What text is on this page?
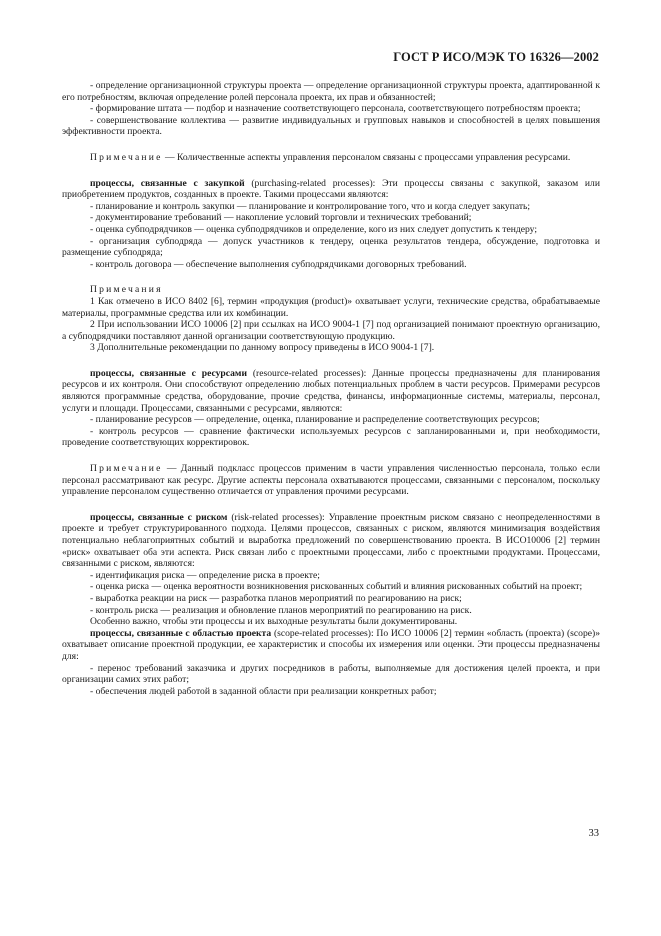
ГОСТ Р ИСО/МЭК ТО 16326—2002

- определение организационной структуры проекта — определение организационной структуры проекта, адаптированной к его потребностям, включая определение ролей персонала проекта, их прав и обязанностей;

- формирование штата — подбор и назначение соответствующего персонала, соответствующего потребностям проекта;

- совершенствование коллектива — развитие индивидуальных и групповых навыков и способностей в целях повышения эффективности проекта.

Примечание — Количественные аспекты управления персоналом связаны с процессами управления ресурсами.

процессы, связанные с закупкой (purchasing-related processes): Эти процессы связаны с закупкой, заказом или приобретением продуктов, созданных в проекте. Такими процессами являются:

- планирование и контроль закупки — планирование и контролирование того, что и когда следует закупать;

- документирование требований — накопление условий торговли и технических требований;

- оценка субподрядчиков — оценка субподрядчиков и определение, кого из них следует допустить к тендеру;

- организация субподряда — допуск участников к тендеру, оценка результатов тендера, обсуждение, подготовка и размещение субподряда;

- контроль договора — обеспечение выполнения субподрядчиками договорных требований.

Примечания

1 Как отмечено в ИСО 8402 [6], термин «продукция (product)» охватывает услуги, технические средства, обрабатываемые материалы, программные средства или их комбинации.

2 При использовании ИСО 10006 [2] при ссылках на ИСО 9004-1 [7] под организацией понимают проектную организацию, а субподрядчики поставляют данной организации соответствующую продукцию.

3 Дополнительные рекомендации по данному вопросу приведены в ИСО 9004-1 [7].

процессы, связанные с ресурсами (resource-related processes): Данные процессы предназначены для планирования ресурсов и их контроля. Они способствуют определению любых потенциальных проблем в части ресурсов. Примерами ресурсов являются программные средства, оборудование, прочие средства, финансы, информационные системы, материалы, персонал, услуги и площади. Процессами, связанными с ресурсами, являются:

- планирование ресурсов — определение, оценка, планирование и распределение соответствующих ресурсов;

- контроль ресурсов — сравнение фактически используемых ресурсов с запланированными и, при необходимости, проведение соответствующих корректировок.

Примечание — Данный подкласс процессов применим в части управления численностью персонала, только если персонал рассматривают как ресурс. Другие аспекты персонала охватываются процессами, связанными с персоналом, поскольку управление персоналом существенно отличается от управления прочими ресурсами.

процессы, связанные с риском (risk-related processes): Управление проектным риском связано с неопределенностями в проекте и требует структурированного подхода. Целями процессов, связанных с риском, являются минимизация воздействия потенциально неблагоприятных событий и выработка предложений по совершенствованию проекта. В ИСО10006 [2] термин «риск» охватывает оба эти аспекта. Риск связан либо с проектными процессами, либо с проектными продуктами. Процессами, связанными с риском, являются:

- идентификация риска — определение риска в проекте;

- оценка риска — оценка вероятности возникновения рискованных событий и влияния рискованных событий на проект;

- выработка реакции на риск — разработка планов мероприятий по реагированию на риск;

- контроль риска — реализация и обновление планов мероприятий по реагированию на риск.

Особенно важно, чтобы эти процессы и их выходные результаты были документированы.

процессы, связанные с областью проекта (scope-related processes): По ИСО 10006 [2] термин «область (проекта) (scope)» охватывает описание проектной продукции, ее характеристик и способы их измерения или оценки. Эти процессы предназначены для:

- перенос требований заказчика и других посредников в работы, выполняемые для достижения целей проекта, и при организации самих этих работ;

- обеспечения людей работой в заданной области при реализации конкретных работ;

33
